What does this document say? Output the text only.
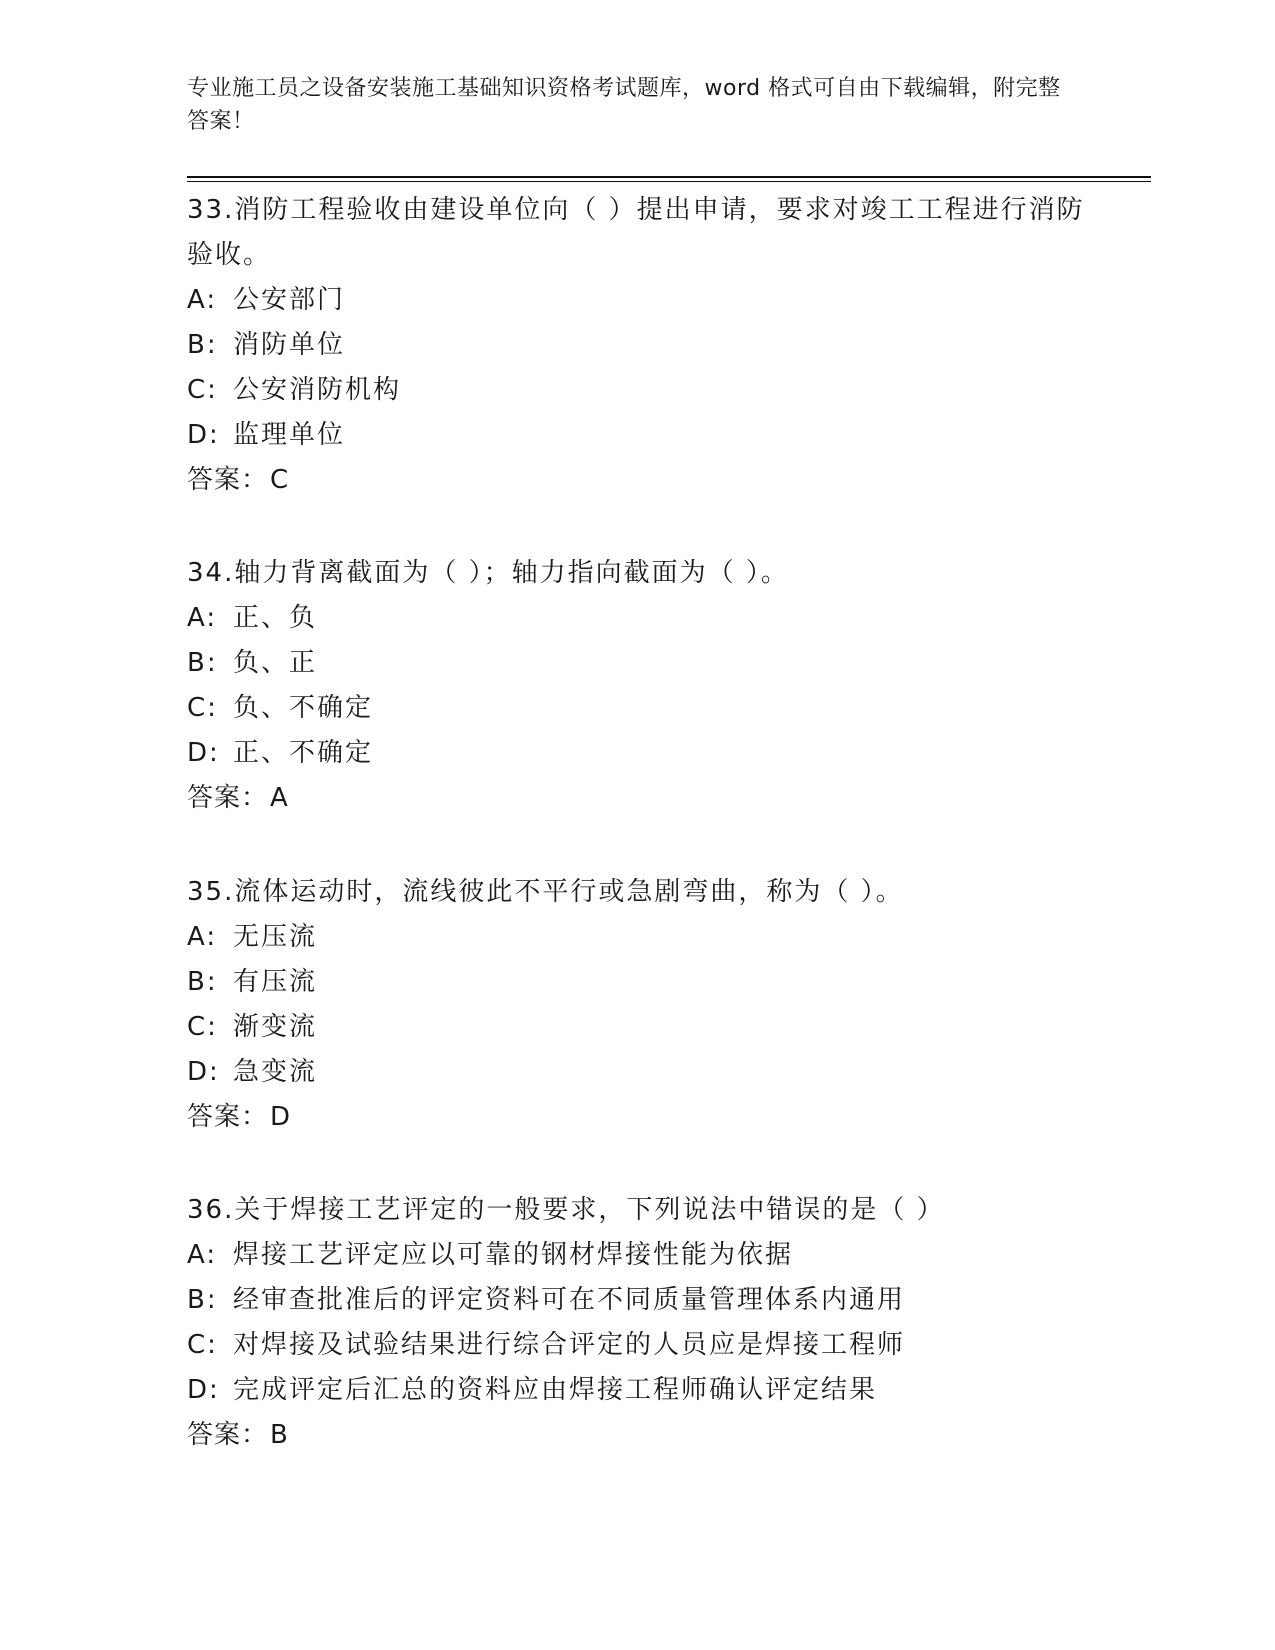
专业施工员之设备安装施工基础知识资格考试题库，word 格式可自由下载编辑，附完整答案！

33.消防工程验收由建设单位向（ ）提出申请，要求对竣工工程进行消防验收。

A: 公安部门

B: 消防单位

C: 公安消防机构

D: 监理单位

答案：C

34.轴力背离截面为（ ）；轴力指向截面为（ ）。

A: 正、负

B: 负、正

C: 负、不确定

D: 正、不确定

答案：A

35.流体运动时，流线彼此不平行或急剧弯曲，称为（ ）。

A: 无压流

B: 有压流

C: 渐变流

D: 急变流

答案：D

36.关于焊接工艺评定的一般要求，下列说法中错误的是（ ）

A: 焊接工艺评定应以可靠的钢材焊接性能为依据

B: 经审查批准后的评定资料可在不同质量管理体系内通用

C: 对焊接及试验结果进行综合评定的人员应是焊接工程师

D: 完成评定后汇总的资料应由焊接工程师确认评定结果

答案：B
